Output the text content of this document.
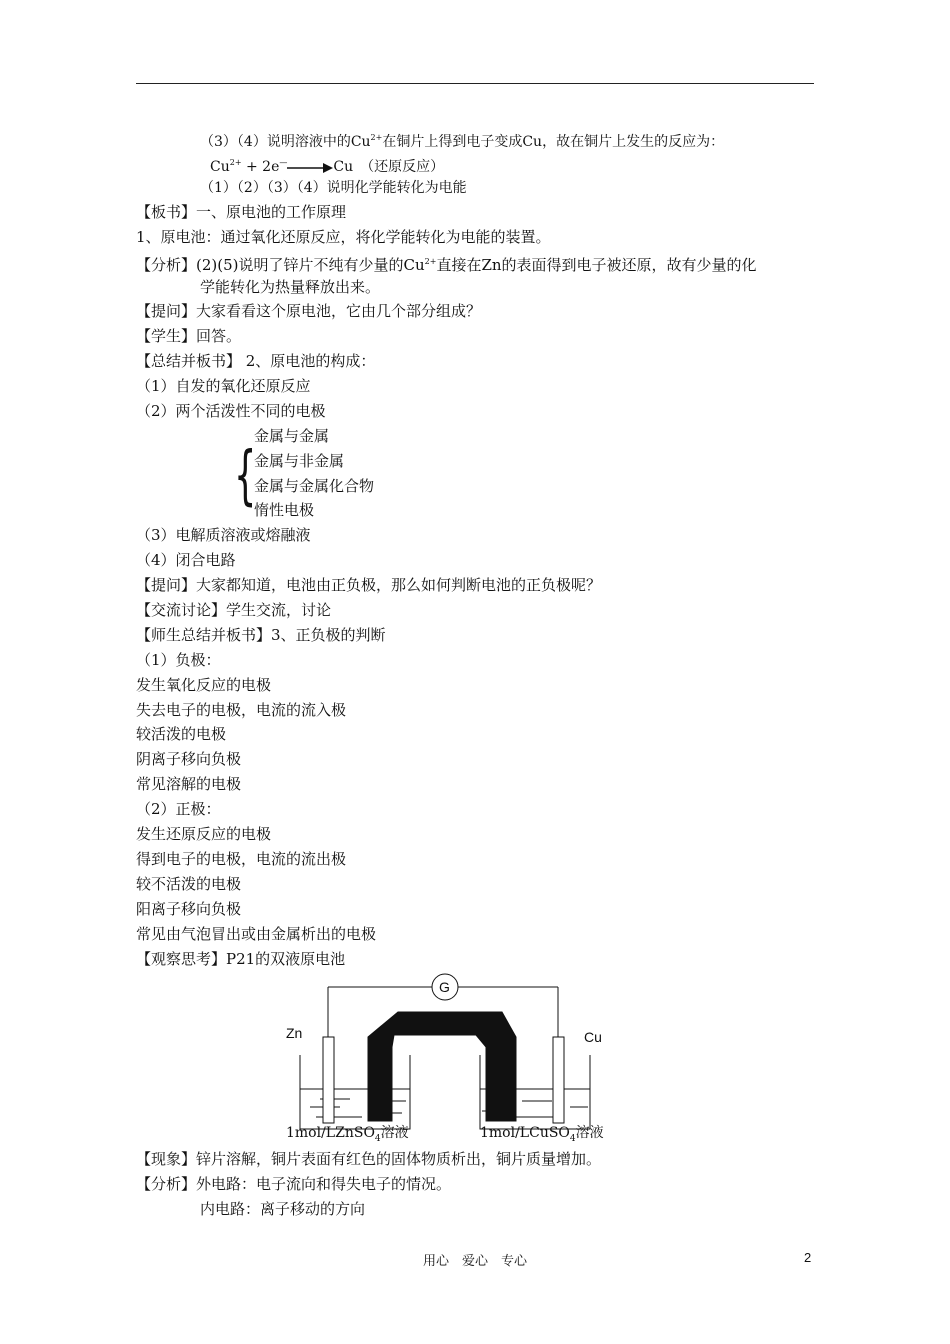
（3）（4）说明溶液中的$Cu^{2+}$在铜片上得到电子变成Cu，故在铜片上发生的反应为：
$Cu^{2+} + 2e^—\to Cu$　（还原反应）
（1）（2）（3）（4）说明化学能转化为电能
【板书】一、原电池的工作原理
1、原电池：通过氧化还原反应，将化学能转化为电能的装置。
【分析】(2)(5)说明了锌片不纯有少量的$Cu^{2+}$直接在Zn的表面得到电子被还原，故有少量的化
学能转化为热量释放出来。
【提问】大家看看这个原电池，它由几个部分组成？
【学生】回答。
【总结并板书】 2、原电池的构成：
（1）自发的氧化还原反应
（2）两个活泼性不同的电极
{
金属与金属
金属与非金属
金属与金属化合物
惰性电极
（3）电解质溶液或熔融液
（4）闭合电路
【提问】大家都知道，电池由正负极，那么如何判断电池的正负极呢？
【交流讨论】学生交流，讨论
【师生总结并板书】3、正负极的判断
（1）负极：
发生氧化反应的电极
失去电子的电极，电流的流入极
较活泼的电极
阴离子移向负极
常见溶解的电极
（2）正极：
发生还原反应的电极
得到电子的电极，电流的流出极
较不活泼的电极
阳离子移向负极
常见由气泡冒出或由金属析出的电极
【观察思考】P21的双液原电池
G
Zn	Cu
1mol/LZnSO$_4$溶液	1mol/LCuSO$_4$溶液
【现象】锌片溶解，铜片表面有红色的固体物质析出，铜片质量增加。
【分析】外电路：电子流向和得失电子的情况。
内电路：离子移动的方向
用心　爱心　专心	2
